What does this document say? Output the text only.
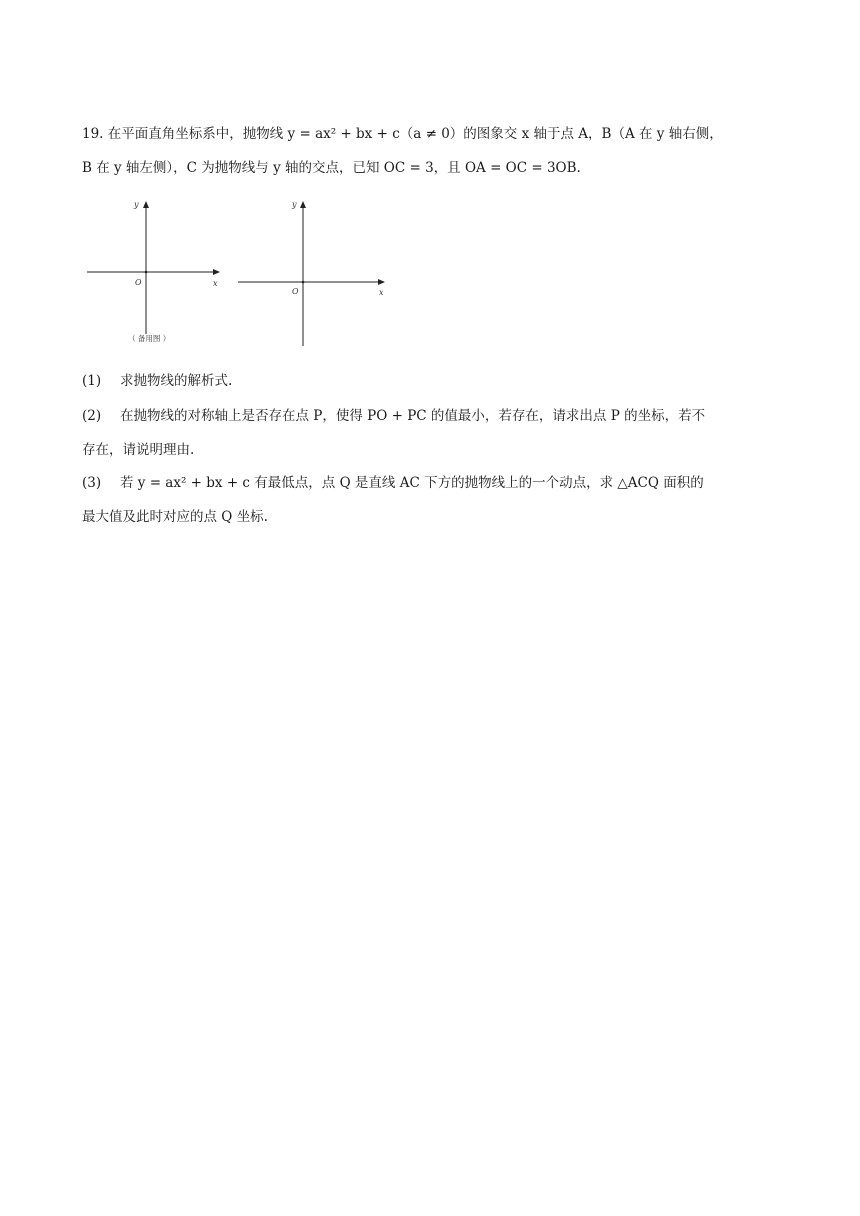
19. 在平面直角坐标系中，抛物线 y = ax² + bx + c（a ≠ 0）的图象交 x 轴于点 A，B（A 在 y 轴右侧，
B 在 y 轴左侧），C 为抛物线与 y 轴的交点，已知 OC = 3，且 OA = OC = 3OB.
y
x
O
（ 备用图 ）
y
x
O
(1) 求抛物线的解析式.
(2) 在抛物线的对称轴上是否存在点 P，使得 PO + PC 的值最小，若存在，请求出点 P 的坐标，若不
存在，请说明理由.
(3) 若 y = ax² + bx + c 有最低点，点 Q 是直线 AC 下方的抛物线上的一个动点，求 △ACQ 面积的
最大值及此时对应的点 Q 坐标.
